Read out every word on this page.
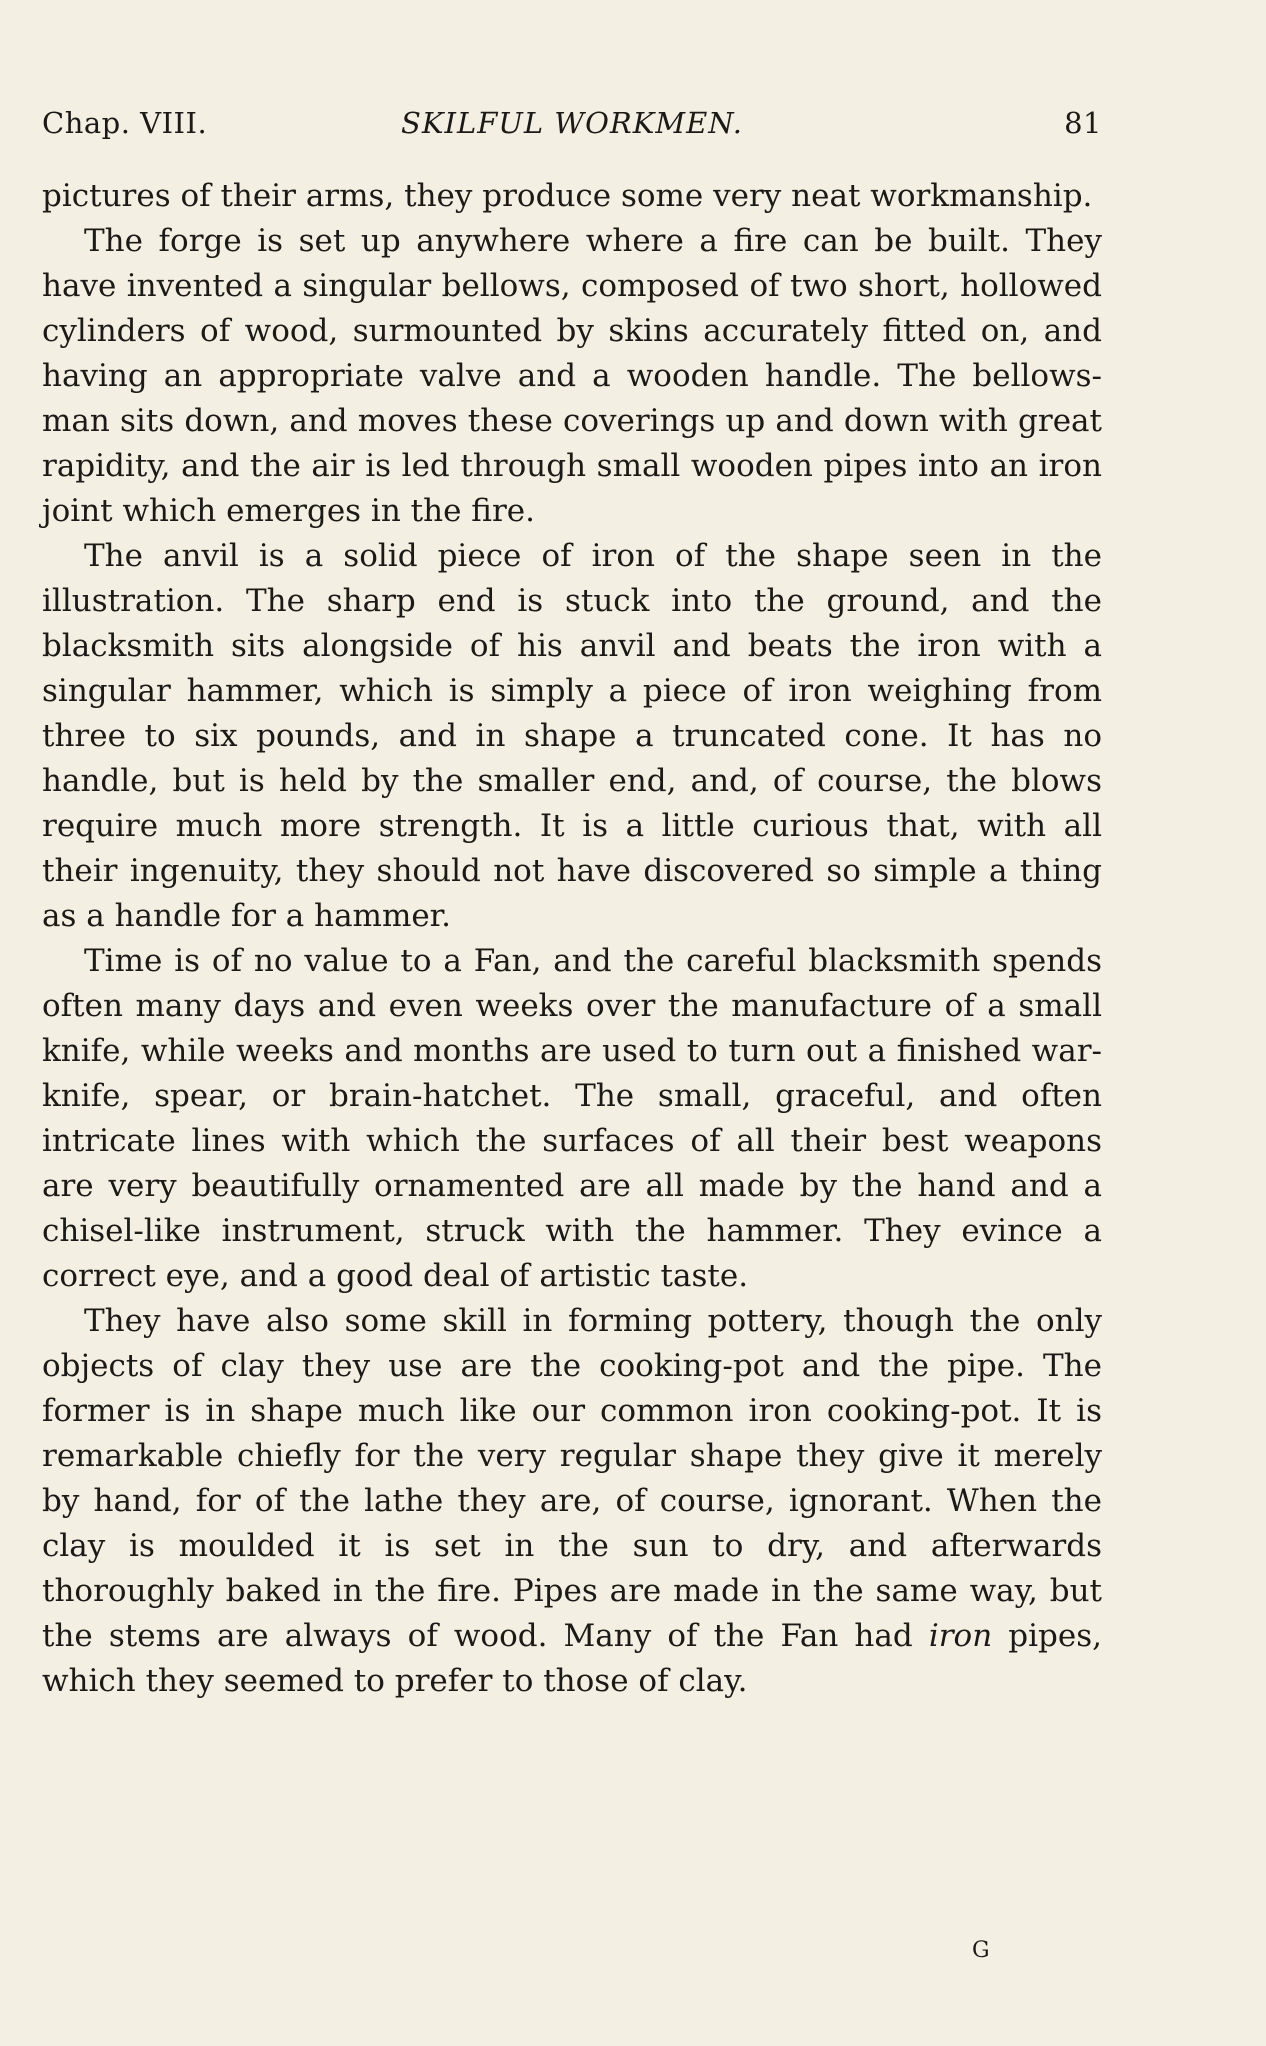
Chap. VIII.	SKILFUL WORKMEN.	81

pictures of their arms, they produce some very neat workmanship.

The forge is set up anywhere where a fire can be built. They have invented a singular bellows, composed of two short, hollowed cylinders of wood, surmounted by skins accurately fitted on, and having an appropriate valve and a wooden handle. The bellows-man sits down, and moves these coverings up and down with great rapidity, and the air is led through small wooden pipes into an iron joint which emerges in the fire.

The anvil is a solid piece of iron of the shape seen in the illustration. The sharp end is stuck into the ground, and the blacksmith sits alongside of his anvil and beats the iron with a singular hammer, which is simply a piece of iron weighing from three to six pounds, and in shape a truncated cone. It has no handle, but is held by the smaller end, and, of course, the blows require much more strength. It is a little curious that, with all their ingenuity, they should not have discovered so simple a thing as a handle for a hammer.

Time is of no value to a Fan, and the careful blacksmith spends often many days and even weeks over the manufacture of a small knife, while weeks and months are used to turn out a finished war-knife, spear, or brain-hatchet. The small, graceful, and often intricate lines with which the surfaces of all their best weapons are very beautifully ornamented are all made by the hand and a chisel-like instrument, struck with the hammer. They evince a correct eye, and a good deal of artistic taste.

They have also some skill in forming pottery, though the only objects of clay they use are the cooking-pot and the pipe. The former is in shape much like our common iron cooking-pot. It is remarkable chiefly for the very regular shape they give it merely by hand, for of the lathe they are, of course, ignorant. When the clay is moulded it is set in the sun to dry, and afterwards thoroughly baked in the fire. Pipes are made in the same way, but the stems are always of wood. Many of the Fan had iron pipes, which they seemed to prefer to those of clay.

G
